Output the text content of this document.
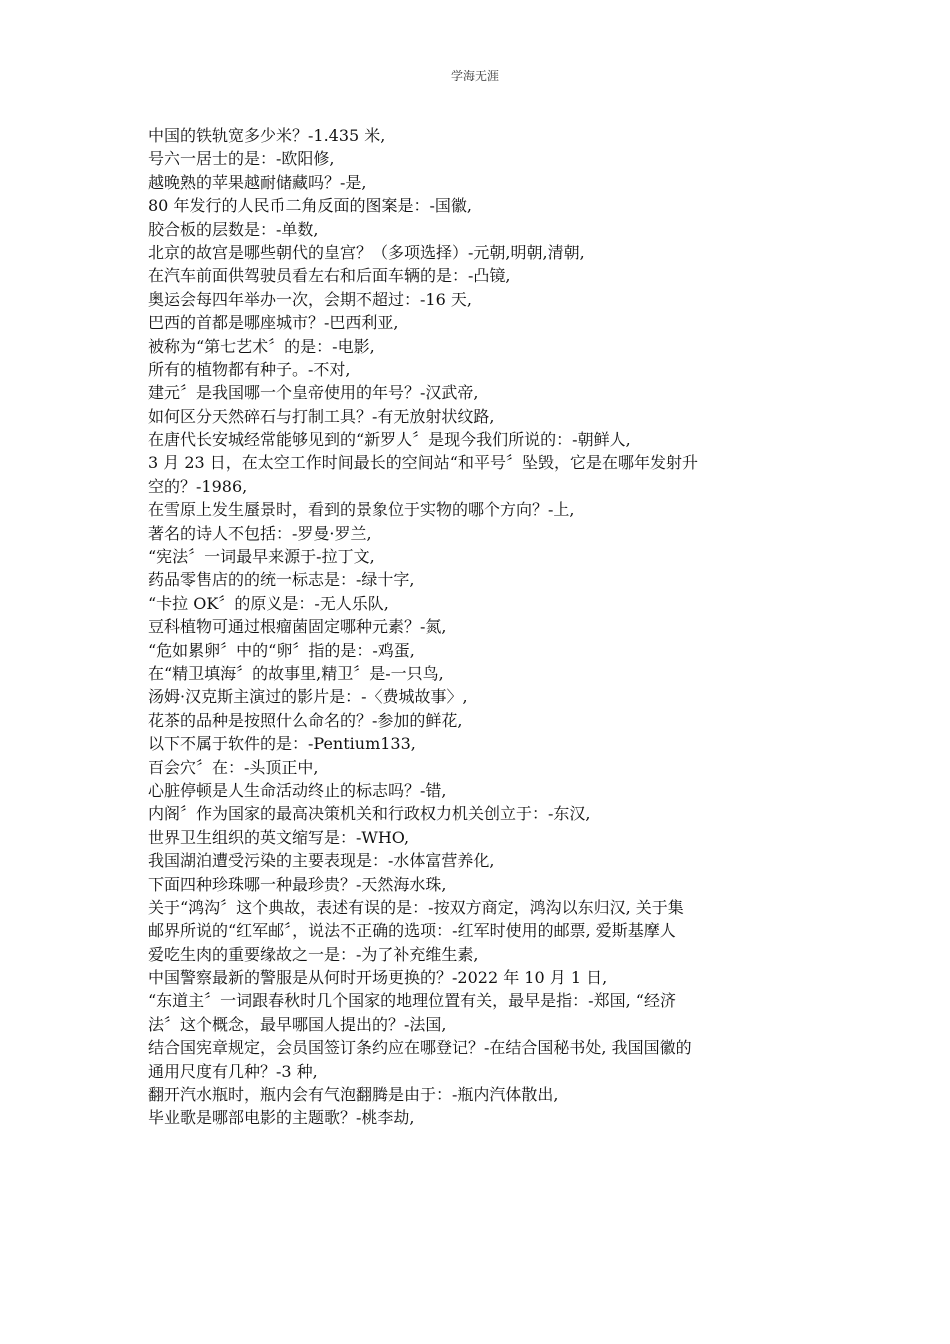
学海无涯
中国的铁轨宽多少米？-1.435 米,
号六一居士的是：-欧阳修,
越晚熟的苹果越耐储藏吗？-是,
80 年发行的人民币二角反面的图案是：-国徽,
胶合板的层数是：-单数,
北京的故宫是哪些朝代的皇宫？（多项选择）-元朝,明朝,清朝,
在汽车前面供驾驶员看左右和后面车辆的是：-凸镜,
奥运会每四年举办一次，会期不超过：-16 天,
巴西的首都是哪座城市？-巴西利亚,
被称为“第七艺术〞的是：-电影,
所有的植物都有种子。-不对,
建元〞是我国哪一个皇帝使用的年号？-汉武帝,
如何区分天然碎石与打制工具？-有无放射状纹路,
在唐代长安城经常能够见到的“新罗人〞是现今我们所说的：-朝鲜人,
3 月 23 日，在太空工作时间最长的空间站“和平号〞坠毁，它是在哪年发射升
空的？-1986,
在雪原上发生蜃景时，看到的景象位于实物的哪个方向？-上,
著名的诗人不包括：-罗曼·罗兰,
“宪法〞一词最早来源于-拉丁文,
药品零售店的的统一标志是：-绿十字,
“卡拉 OK〞的原义是：-无人乐队,
豆科植物可通过根瘤菌固定哪种元素？-氮,
“危如累卵〞中的“卵〞指的是：-鸡蛋,
在“精卫填海〞的故事里,精卫〞是-一只鸟,
汤姆·汉克斯主演过的影片是：-〈费城故事〉,
花茶的品种是按照什么命名的？-参加的鲜花,
以下不属于软件的是：-Pentium133,
百会穴〞在：-头顶正中,
心脏停顿是人生命活动终止的标志吗？-错,
内阁〞作为国家的最高决策机关和行政权力机关创立于：-东汉,
世界卫生组织的英文缩写是：-WHO,
我国湖泊遭受污染的主要表现是：-水体富营养化,
下面四种珍珠哪一种最珍贵？-天然海水珠,
关于“鸿沟〞这个典故，表述有误的是：-按双方商定，鸿沟以东归汉, 关于集
邮界所说的“红军邮〞，说法不正确的选项：-红军时使用的邮票, 爱斯基摩人
爱吃生肉的重要缘故之一是：-为了补充维生素,
中国警察最新的警服是从何时开场更换的？-2022 年 10 月 1 日,
“东道主〞一词跟春秋时几个国家的地理位置有关，最早是指：-郑国, “经济
法〞这个概念，最早哪国人提出的？-法国,
结合国宪章规定，会员国签订条约应在哪登记？-在结合国秘书处, 我国国徽的
通用尺度有几种？-3 种,
翻开汽水瓶时，瓶内会有气泡翻腾是由于：-瓶内汽体散出,
毕业歌是哪部电影的主题歌？-桃李劫,
